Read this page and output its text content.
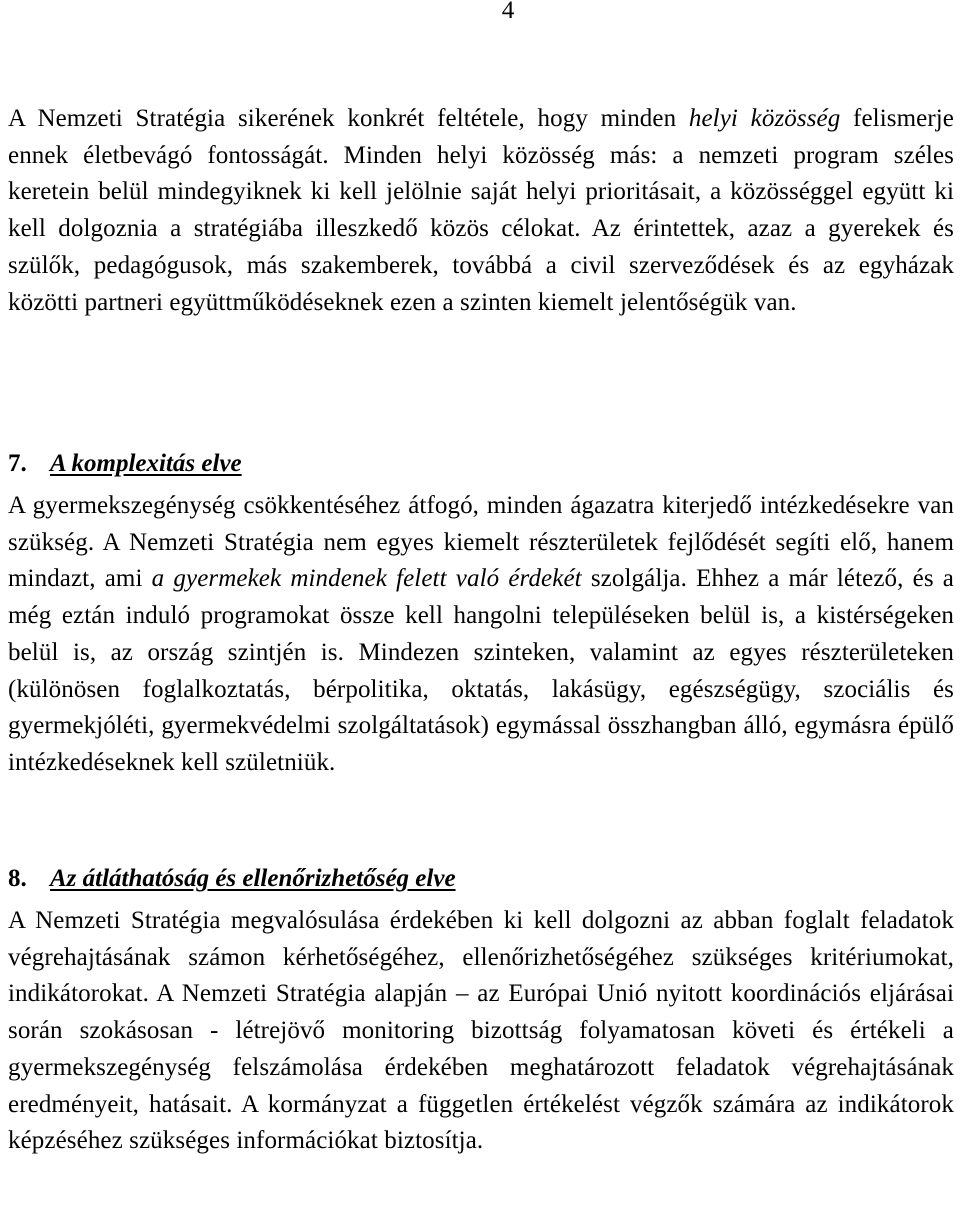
4

A Nemzeti Stratégia sikerének konkrét feltétele, hogy minden helyi közösség felismerje ennek életbevágó fontosságát. Minden helyi közösség más: a nemzeti program széles keretein belül mindegyiknek ki kell jelölnie saját helyi prioritásait, a közösséggel együtt ki kell dolgoznia a stratégiába illeszkedő közös célokat. Az érintettek, azaz a gyerekek és szülők, pedagógusok, más szakemberek, továbbá a civil szerveződések és az egyházak közötti partneri együttműködéseknek ezen a szinten kiemelt jelentőségük van.

7. A komplexitás elve

A gyermekszegénység csökkentéséhez átfogó, minden ágazatra kiterjedő intézkedésekre van szükség. A Nemzeti Stratégia nem egyes kiemelt részterületek fejlődését segíti elő, hanem mindazt, ami a gyermekek mindenek felett való érdekét szolgálja. Ehhez a már létező, és a még eztán induló programokat össze kell hangolni településeken belül is, a kistérségeken belül is, az ország szintjén is. Mindezen szinteken, valamint az egyes részterületeken (különösen foglalkoztatás, bérpolitika, oktatás, lakásügy, egészségügy, szociális és gyermekjóléti, gyermekvédelmi szolgáltatások) egymással összhangban álló, egymásra épülő intézkedéseknek kell születniük.

8. Az átláthatóság és ellenőrizhetőség elve

A Nemzeti Stratégia megvalósulása érdekében ki kell dolgozni az abban foglalt feladatok végrehajtásának számon kérhetőségéhez, ellenőrizhetőségéhez szükséges kritériumokat, indikátorokat. A Nemzeti Stratégia alapján – az Európai Unió nyitott koordinációs eljárásai során szokásosan - létrejövő monitoring bizottság folyamatosan követi és értékeli a gyermekszegénység felszámolása érdekében meghatározott feladatok végrehajtásának eredményeit, hatásait. A kormányzat a független értékelést végzők számára az indikátorok képzéséhez szükséges információkat biztosítja.
